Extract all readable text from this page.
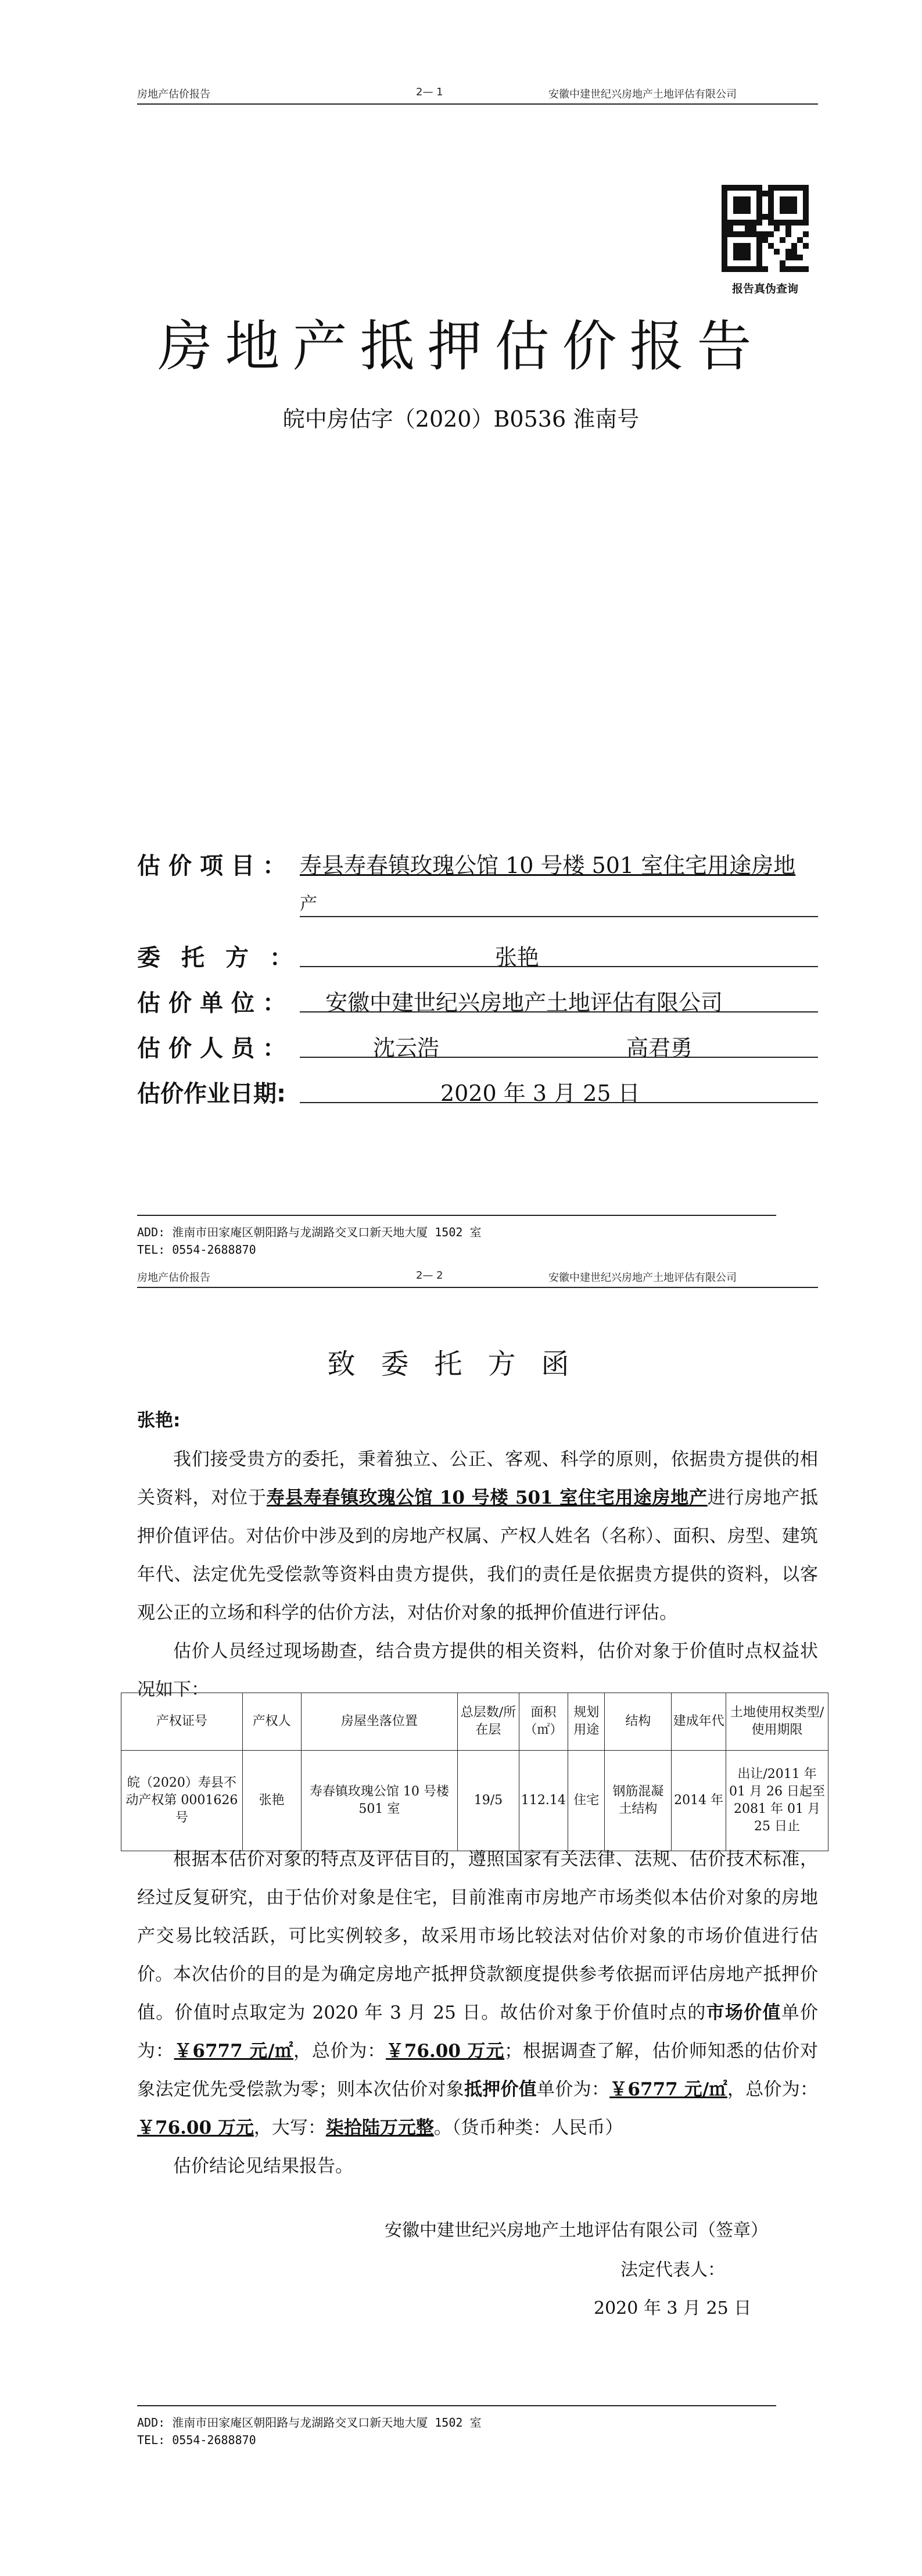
房地产估价报告	2— 1	安徽中建世纪兴房地产土地评估有限公司
报告真伪查询
房地产抵押估价报告
皖中房估字（2020）B0536 淮南号
估价项目： 寿县寿春镇玫瑰公馆 10 号楼 501 室住宅用途房地
产
委托方：	张艳
估价单位： 安徽中建世纪兴房地产土地评估有限公司
估价人员：	沈云浩	高君勇
估价作业日期:	2020 年 3 月 25 日
ADD: 淮南市田家庵区朝阳路与龙湖路交叉口新天地大厦 1502 室
TEL: 0554-2688870
房地产估价报告	2— 2	安徽中建世纪兴房地产土地评估有限公司
致委托方函
张艳:

我们接受贵方的委托，秉着独立、公正、客观、科学的原则，依据贵方提供的相关资料，对位于寿县寿春镇玫瑰公馆 10 号楼 501 室住宅用途房地产进行房地产抵押价值评估。对估价中涉及到的房地产权属、产权人姓名（名称）、面积、房型、建筑年代、法定优先受偿款等资料由贵方提供，我们的责任是依据贵方提供的资料，以客观公正的立场和科学的估价方法，对估价对象的抵押价值进行评估。

估价人员经过现场勘查，结合贵方提供的相关资料，估价对象于价值时点权益状况如下：

产权证号	产权人	房屋坐落位置	总层数/所在层	面积（㎡）	规划用途	结构	建成年代	土地使用权类型/使用期限
皖（2020）寿县不动产权第 0001626 号	张艳	寿春镇玫瑰公馆 10 号楼 501 室	19/5	112.14	住宅	钢筋混凝土结构	2014 年	出让/2011 年 01 月 26 日起至 2081 年 01 月 25 日止

根据本估价对象的特点及评估目的，遵照国家有关法律、法规、估价技术标准，经过反复研究，由于估价对象是住宅，目前淮南市房地产市场类似本估价对象的房地产交易比较活跃，可比实例较多，故采用市场比较法对估价对象的市场价值进行估价。 本次估价的目的是为确定房地产抵押贷款额度提供参考依据而评估房地产抵押价值。价值时点取定为 2020 年 3 月 25 日。故估价对象于价值时点的市场价值单价为：￥6777 元/㎡，总价为：￥76.00 万元；根据调查了解，估价师知悉的估价对象法定优先受偿款为零；则本次估价对象抵押价值单价为：￥6777 元/㎡，总价为：￥76.00 万元，大写：柒拾陆万元整。（货币种类：人民币）

估价结论见结果报告。

安徽中建世纪兴房地产土地评估有限公司（签章）
法定代表人：
2020 年 3 月 25 日
ADD: 淮南市田家庵区朝阳路与龙湖路交叉口新天地大厦 1502 室
TEL: 0554-2688870
